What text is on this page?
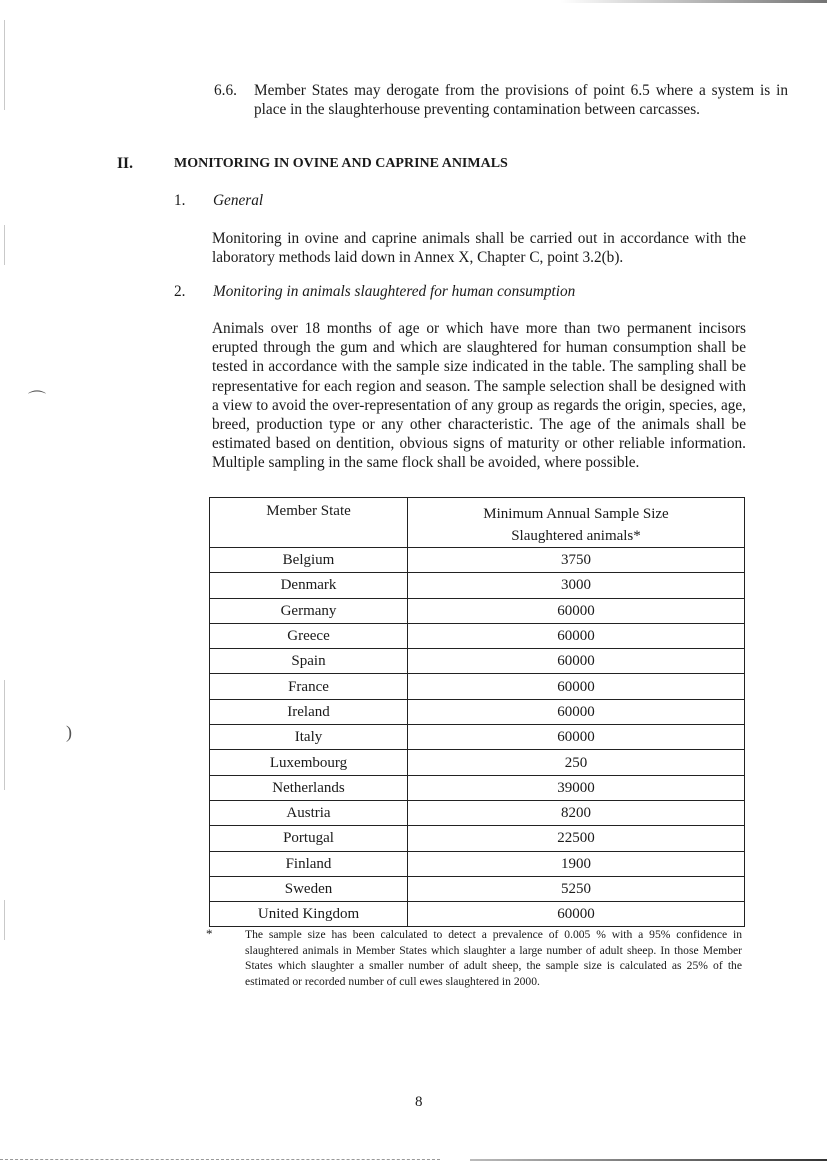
⌒
)

6.6. Member States may derogate from the provisions of point 6.5 where a system is in place in the slaughterhouse preventing contamination between carcasses.

II.	MONITORING IN OVINE AND CAPRINE ANIMALS
1. General

Monitoring in ovine and caprine animals shall be carried out in accordance with the laboratory methods laid down in Annex X, Chapter C, point 3.2(b).

2. Monitoring in animals slaughtered for human consumption

Animals over 18 months of age or which have more than two permanent incisors erupted through the gum and which are slaughtered for human consumption shall be tested in accordance with the sample size indicated in the table. The sampling shall be representative for each region and season. The sample selection shall be designed with a view to avoid the over-representation of any group as regards the origin, species, age, breed, production type or any other characteristic. The age of the animals shall be estimated based on dentition, obvious signs of maturity or other reliable information. Multiple sampling in the same flock shall be avoided, where possible.

Member State	Minimum Annual Sample Size
Slaughtered animals*

Belgium	3750
Denmark	3000
Germany	60000
Greece	60000
Spain	60000
France	60000
Ireland	60000
Italy	60000
Luxembourg	250
Netherlands	39000
Austria	8200
Portugal	22500
Finland	1900
Sweden	5250
United Kingdom	60000
*	The sample size has been calculated to detect a prevalence of 0.005 % with a 95% confidence in slaughtered animals in Member States which slaughter a large number of adult sheep. In those Member States which slaughter a smaller number of adult sheep, the sample size is calculated as 25% of the estimated or recorded number of cull ewes slaughtered in 2000.

8
